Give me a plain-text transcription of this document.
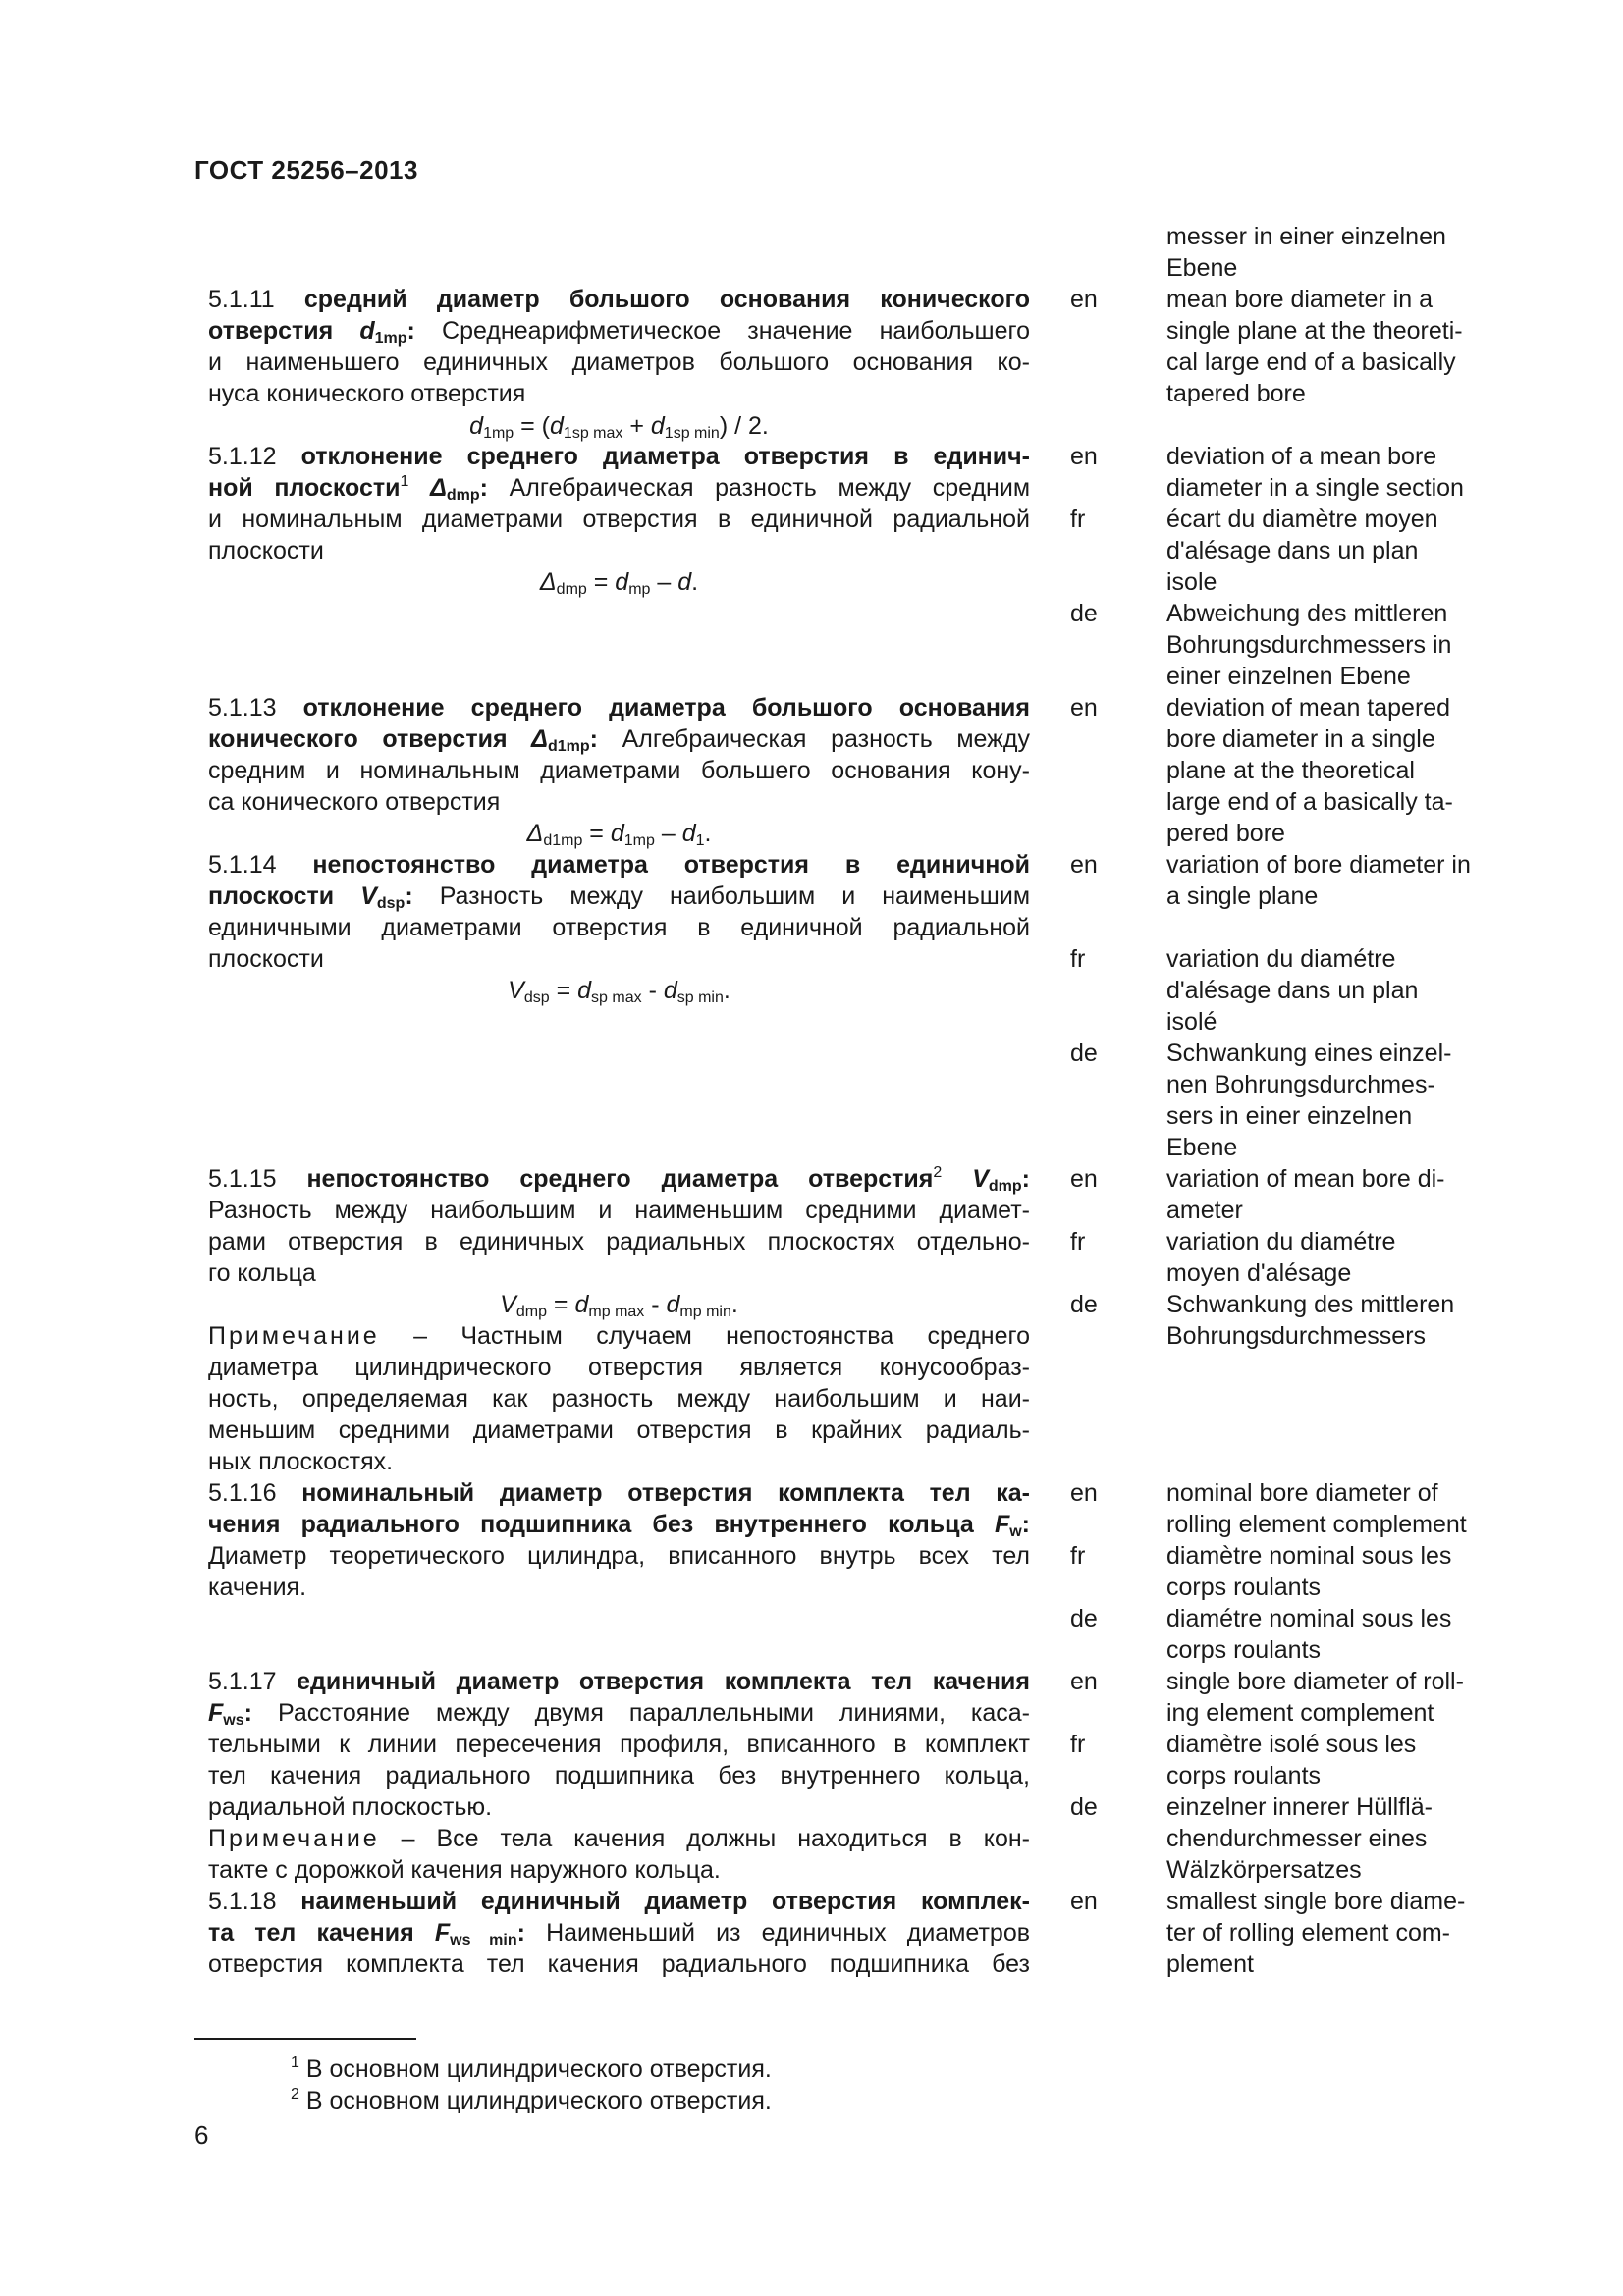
ГОСТ 25256–2013
messer in einer einzelnen
Ebene
5.1.11 средний диаметр большого основания конического
отверстия $d_{1mp}$: Среднеарифметическое значение наибольшего
и наименьшего единичных диаметров большого основания ко-
нуса конического отверстия
$d_{1mp} = (d_{1sp max} + d_{1sp min}) / 2$.
en	mean bore diameter in a
single plane at the theoreti-
cal large end of a basically
tapered bore
5.1.12 отклонение среднего диаметра отверстия в единич-
ной плоскости$^1$ $\Delta_{dmp}$: Алгебраическая разность между средним
и номинальным диаметрами отверстия в единичной радиальной
плоскости
$\Delta_{dmp} = d_{mp} - d$.
en	deviation of a mean bore
diameter in a single section
fr	écart du diamètre moyen
d'alésage dans un plan
isole
de	Abweichung des mittleren
Bohrungsdurchmessers in
einer einzelnen Ebene
5.1.13 отклонение среднего диаметра большого основания
конического отверстия $\Delta_{d1mp}$: Алгебраическая разность между
средним и номинальным диаметрами большего основания кону-
са конического отверстия
$\Delta_{d1mp} = d_{1mp} - d_1$.
en	deviation of mean tapered
bore diameter in a single
plane at the theoretical
large end of a basically ta-
pered bore
5.1.14 непостоянство диаметра отверстия в единичной
плоскости $V_{dsp}$: Разность между наибольшим и наименьшим
единичными диаметрами отверстия в единичной радиальной
плоскости
$V_{dsp} = d_{sp max} - d_{sp min}$.
en	variation of bore diameter in
a single plane
fr	variation du diamétre
d'alésage dans un plan
isolé
de	Schwankung eines einzel-
nen Bohrungsdurchmes-
sers in einer einzelnen
Ebene
5.1.15 непостоянство среднего диаметра отверстия$^2$ $V_{dmp}$:
Разность между наибольшим и наименьшим средними диамет-
рами отверстия в единичных радиальных плоскостях отдельно-
го кольца
$V_{dmp} = d_{mp max} - d_{mp min}$.
Примечание – Частным случаем непостоянства среднего
диаметра цилиндрического отверстия является конусообраз-
ность, определяемая как разность между наибольшим и наи-
меньшим средними диаметрами отверстия в крайних радиаль-
ных плоскостях.
en	variation of mean bore di-
ameter
fr	variation du diamétre
moyen d'alésage
de	Schwankung des mittleren
Bohrungsdurchmessers
5.1.16 номинальный диаметр отверстия комплекта тел ка-
чения радиального подшипника без внутреннего кольца $F_w$:
Диаметр теоретического цилиндра, вписанного внутрь всех тел
качения.
en	nominal bore diameter of
rolling element complement
fr	diamètre nominal sous les
corps roulants
de	diamétre nominal sous les
corps roulants
5.1.17 единичный диаметр отверстия комплекта тел качения
$F_{ws}$: Расстояние между двумя параллельными линиями, каса-
тельными к линии пересечения профиля, вписанного в комплект
тел качения радиального подшипника без внутреннего кольца,
радиальной плоскостью.
Примечание – Все тела качения должны находиться в кон-
такте с дорожкой качения наружного кольца.
en	single bore diameter of roll-
ing element complement
fr	diamètre isolé sous les
corps roulants
de	einzelner innerer Hüllflä-
chendurchmesser eines
Wälzkörpersatzes
5.1.18 наименьший единичный диаметр отверстия комплек-
та тел качения $F_{ws min}$: Наименьший из единичных диаметров
отверстия комплекта тел качения радиального подшипника без
en	smallest single bore diame-
ter of rolling element com-
plement
$^1$ В основном цилиндрического отверстия.
$^2$ В основном цилиндрического отверстия.
6
